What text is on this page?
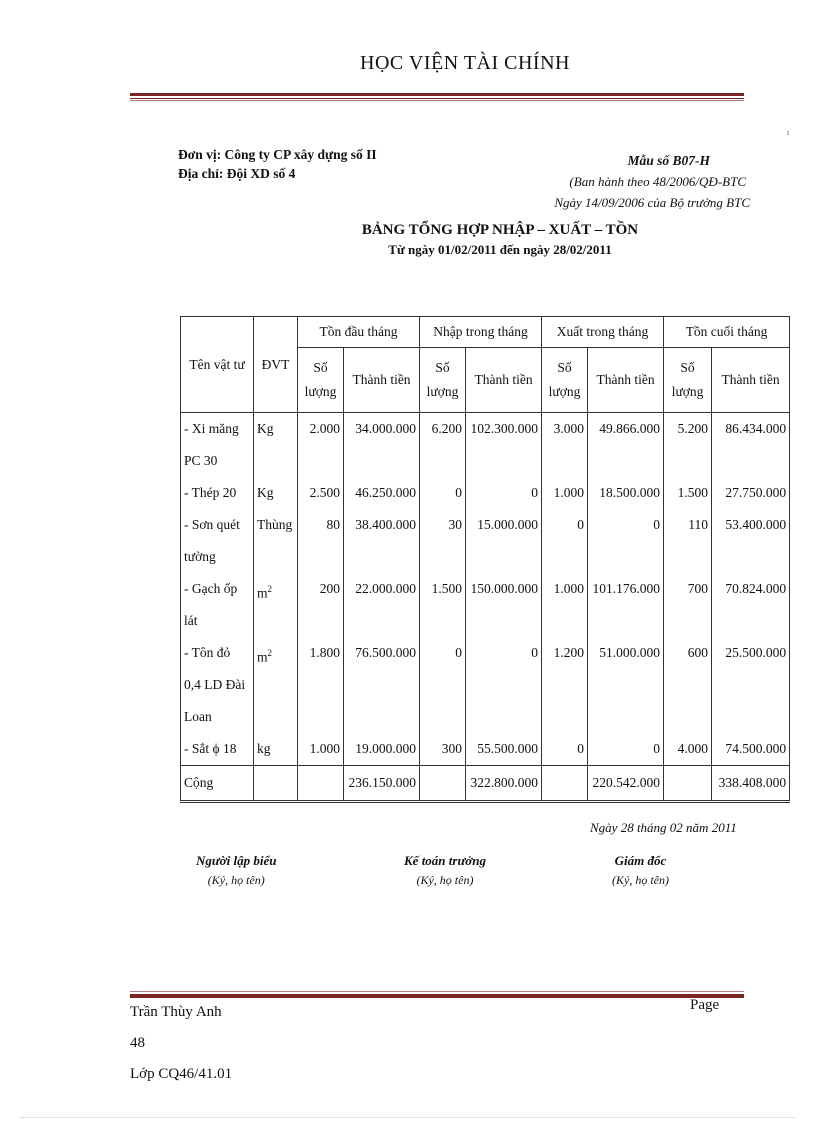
HỌC VIỆN TÀI CHÍNH
ı
Đơn vị: Công ty CP xây dựng số II
Địa chỉ: Đội XD số 4
Mẫu số B07-H
(Ban hành theo 48/2006/QĐ-BTC
Ngày 14/09/2006 của Bộ trưởng BTC
BẢNG TỔNG HỢP NHẬP – XUẤT – TỒN
Từ ngày 01/02/2011 đến ngày 28/02/2011
Tên vật tư	ĐVT	Tồn đầu tháng		Nhập trong tháng		Xuất trong tháng		Tồn cuối tháng	
		Số lượng	Thành tiền	Số lượng	Thành tiền	Số lượng	Thành tiền	Số lượng	Thành tiền
- Xi măng PC 30	Kg	2.000	34.000.000	6.200	102.300.000	3.000	49.866.000	5.200	86.434.000
- Thép 20	Kg	2.500	46.250.000	0	0	1.000	18.500.000	1.500	27.750.000
- Sơn quét tường	Thùng	80	38.400.000	30	15.000.000	0	0	110	53.400.000
- Gạch ốp lát	$m^2$	200	22.000.000	1.500	150.000.000	1.000	101.176.000	700	70.824.000
- Tôn đỏ 0,4 LD Đài Loan	$m^2$	1.800	76.500.000	0	0	1.200	51.000.000	600	25.500.000
- Sắt ϕ 18	kg	1.000	19.000.000	300	55.500.000	0	0	4.000	74.500.000
Cộng			236.150.000		322.800.000		220.542.000		338.408.000
Ngày 28 tháng 02 năm 2011
Người lập biểu
(Ký, họ tên)
Kế toán trưởng
(Ký, họ tên)
Giám đốc
(Ký, họ tên)
Trần Thùy Anh
48
Lớp CQ46/41.01
Page
